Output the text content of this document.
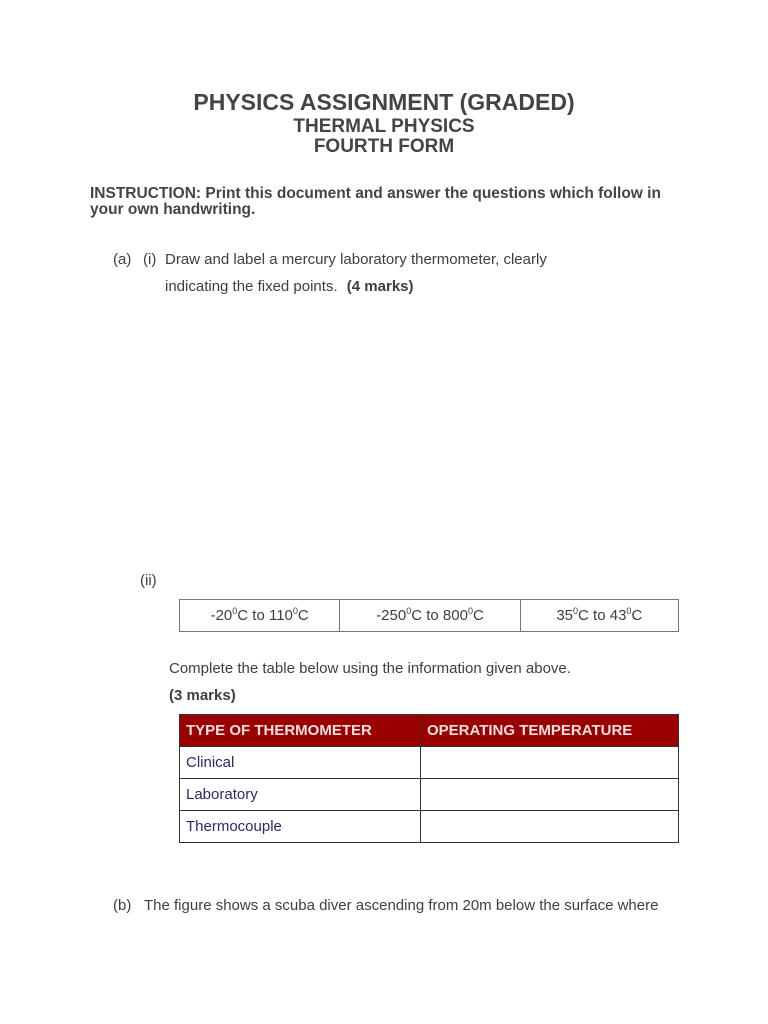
PHYSICS ASSIGNMENT (GRADED)
THERMAL PHYSICS
FOURTH FORM
INSTRUCTION: Print this document and answer the questions which follow in your own handwriting.
(a) (i) Draw and label a mercury laboratory thermometer, clearly
indicating the fixed points. (4 marks)
(ii)
$-20^0C$ to $110^0C$	$-250^0C$ to $800^0C$	$35^0C$ to $43^0C$
Complete the table below using the information given above.
(3 marks)
TYPE OF THERMOMETER	OPERATING TEMPERATURE
Clinical	
Laboratory	
Thermocouple	
(b) The figure shows a scuba diver ascending from 20m below the surface where
